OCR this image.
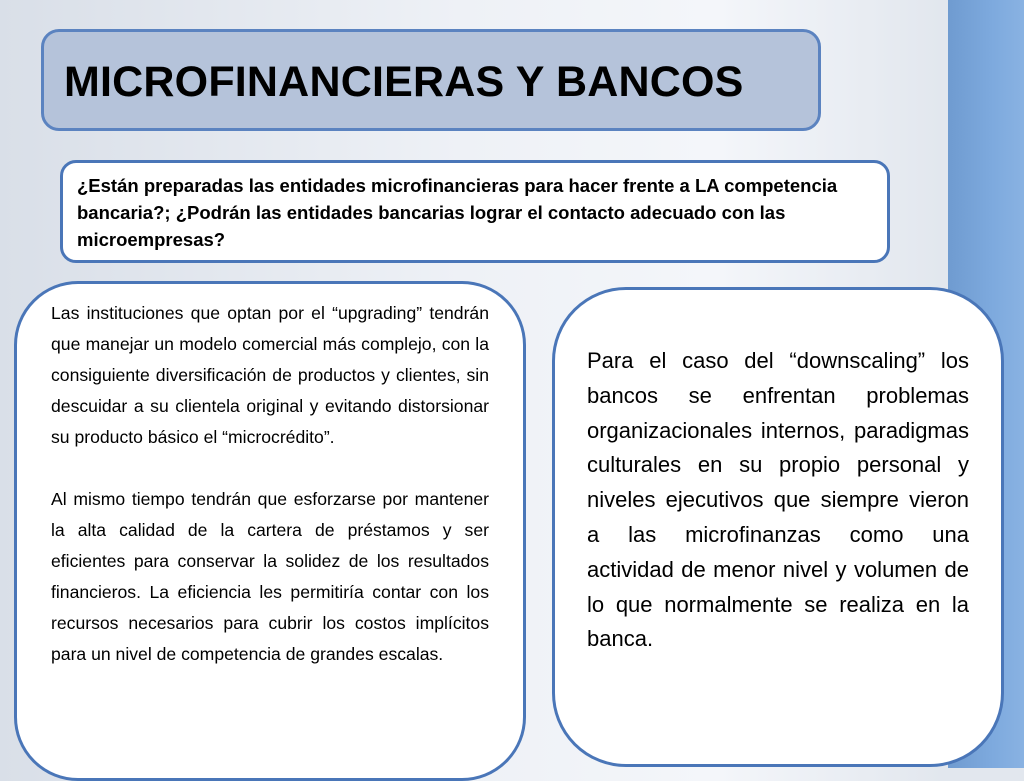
MICROFINANCIERAS Y BANCOS

¿Están preparadas las entidades microfinancieras para hacer frente a LA competencia bancaria?; ¿Podrán las entidades bancarias lograr el contacto adecuado con las microempresas?

Las instituciones que optan por el “upgrading” tendrán que manejar un modelo comercial más complejo, con la consiguiente diversificación de productos y clientes, sin descuidar a su clientela original y evitando distorsionar su producto básico el “microcrédito”.

Al mismo tiempo tendrán que esforzarse por mantener la alta calidad de la cartera de préstamos y ser eficientes para conservar la solidez de los resultados financieros. La eficiencia les permitiría contar con los recursos necesarios para cubrir los costos implícitos para un nivel de competencia de grandes escalas.

Para el caso del “downscaling” los bancos se enfrentan problemas organizacionales internos, paradigmas culturales en su propio personal y niveles ejecutivos que siempre vieron a las microfinanzas como una actividad de menor nivel y volumen de lo que normalmente se realiza en la banca.
